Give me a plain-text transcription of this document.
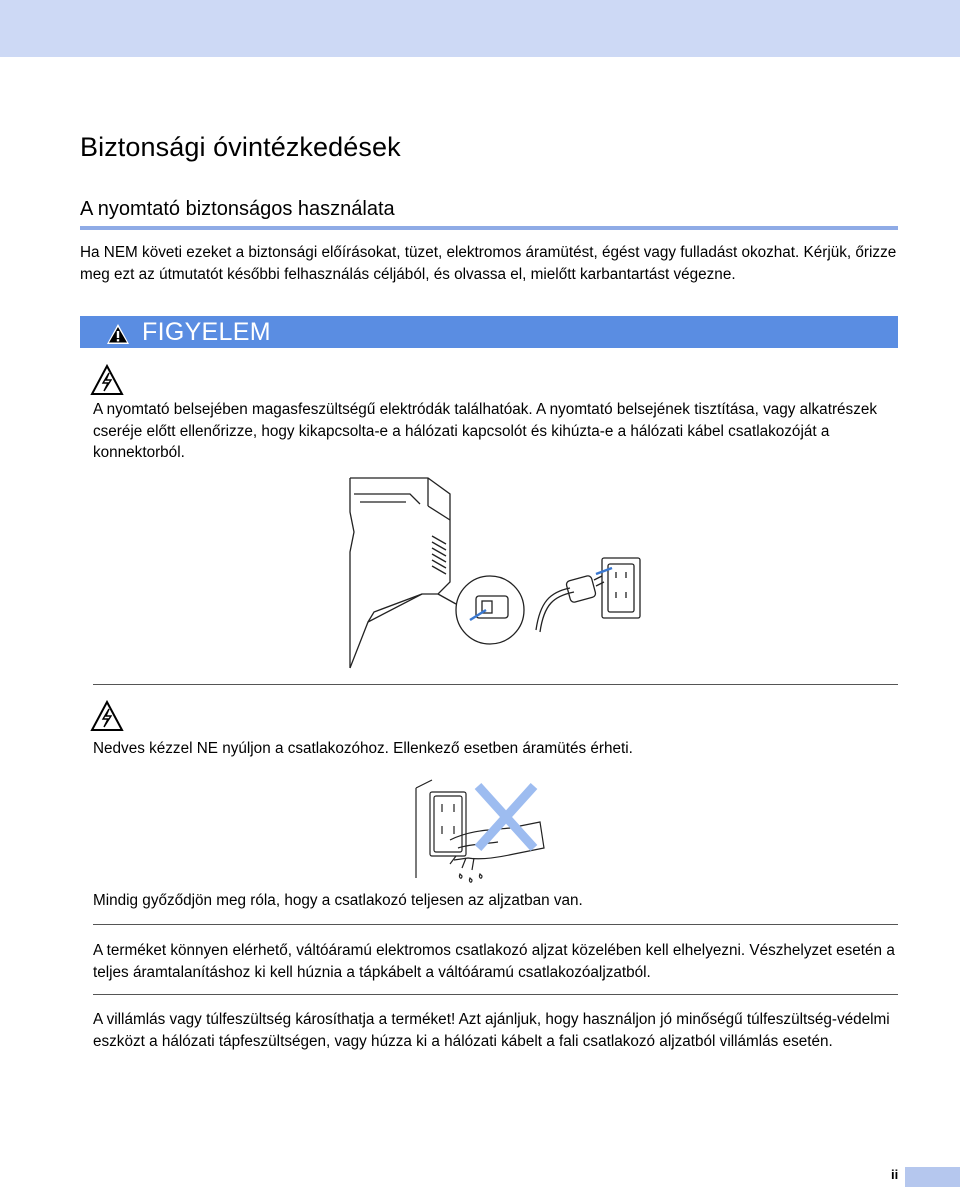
Biztonsági óvintézkedések
A nyomtató biztonságos használata

Ha NEM követi ezeket a biztonsági előírásokat, tüzet, elektromos áramütést, égést vagy fulladást okozhat. Kérjük, őrizze meg ezt az útmutatót későbbi felhasználás céljából, és olvassa el, mielőtt karbantartást végezne.

FIGYELEM

A nyomtató belsejében magasfeszültségű elektródák találhatóak. A nyomtató belsejének tisztítása, vagy alkatrészek cseréje előtt ellenőrizze, hogy kikapcsolta-e a hálózati kapcsolót és kihúzta-e a hálózati kábel csatlakozóját a konnektorból.

Nedves kézzel NE nyúljon a csatlakozóhoz. Ellenkező esetben áramütés érheti.

Mindig győződjön meg róla, hogy a csatlakozó teljesen az aljzatban van.

A terméket könnyen elérhető, váltóáramú elektromos csatlakozó aljzat közelében kell elhelyezni. Vészhelyzet esetén a teljes áramtalanításhoz ki kell húznia a tápkábelt a váltóáramú csatlakozóaljzatból.

A villámlás vagy túlfeszültség károsíthatja a terméket! Azt ajánljuk, hogy használjon jó minőségű túlfeszültség-védelmi eszközt a hálózati tápfeszültségen, vagy húzza ki a hálózati kábelt a fali csatlakozó aljzatból villámlás esetén.

ii
